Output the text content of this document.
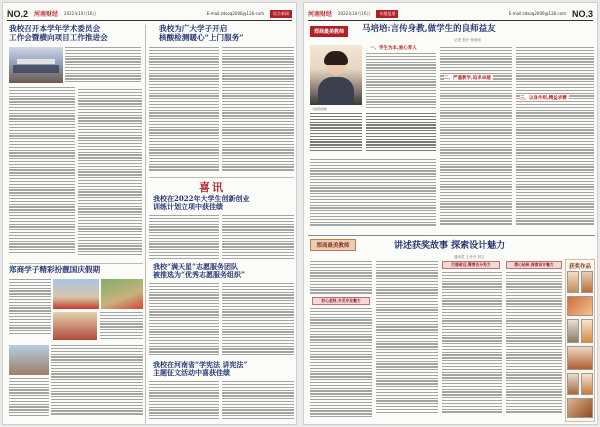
NO.2 河南财经 2022年10月16日	E-mail:zdsoq2006@126.com	综合新闻
我校召开本学年学术委员会
工作会暨横向项目工作推进会
郑商学子精彩扮靓国庆假期
我校为广大学子开启
核酸检测暖心“上门服务”
喜讯
我校在2022年大学生创新创业
训练计划立项中获佳绩
我校“满天星”志愿服务团队
被推选为“优秀志愿服务组织”
我校在河南省“学宪法 讲宪法”
主题征文活动中喜获佳绩
河南财经 2022年10月16日	专题报道	E-mail:zdsoq2006@126.com NO.3
郑商最美教师	马培培:言传身教,做学生的良师益友
记者 张开 张雨雨
马培培老师
一、学生为本,爱心育人
二、严谨教学,追求卓越
三、以身作则,精益求精
郑商最美教师	讲述获奖故事 探索设计魅力
通讯员 王丹丹 刘文
初心坚持,方见专业魅力
行稳致远,需要百分努力	潜心钻研,探索设计魅力	获奖作品
